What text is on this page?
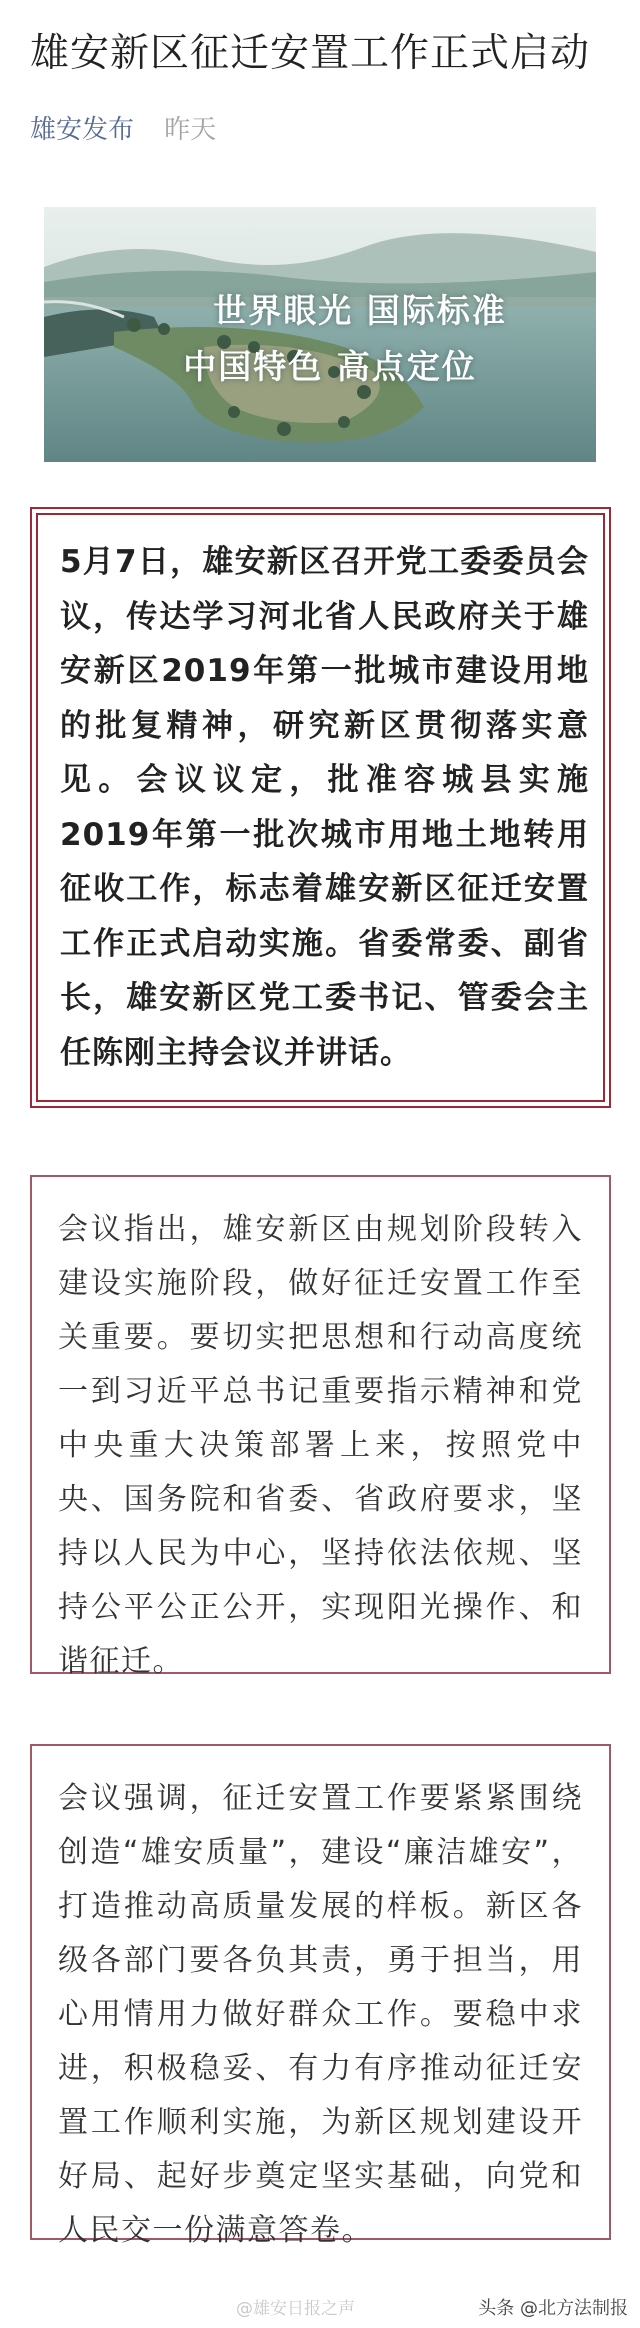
雄安新区征迁安置工作正式启动
雄安发布 昨天
世界眼光 国际标准
中国特色 高点定位

5月7日，雄安新区召开党工委委员会议，传达学习河北省人民政府关于雄安新区2019年第一批城市建设用地的批复精神，研究新区贯彻落实意见。会议议定，批准容城县实施2019年第一批次城市用地土地转用征收工作，标志着雄安新区征迁安置工作正式启动实施。省委常委、副省长，雄安新区党工委书记、管委会主任陈刚主持会议并讲话。

会议指出，雄安新区由规划阶段转入建设实施阶段，做好征迁安置工作至关重要。要切实把思想和行动高度统一到习近平总书记重要指示精神和党中央重大决策部署上来，按照党中央、国务院和省委、省政府要求，坚持以人民为中心，坚持依法依规、坚持公平公正公开，实现阳光操作、和谐征迁。

会议强调，征迁安置工作要紧紧围绕创造“雄安质量”，建设“廉洁雄安”，打造推动高质量发展的样板。新区各级各部门要各负其责，勇于担当，用心用情用力做好群众工作。要稳中求进，积极稳妥、有力有序推动征迁安置工作顺利实施，为新区规划建设开好局、起好步奠定坚实基础，向党和人民交一份满意答卷。

@雄安日报之声	头条 @北方法制报
